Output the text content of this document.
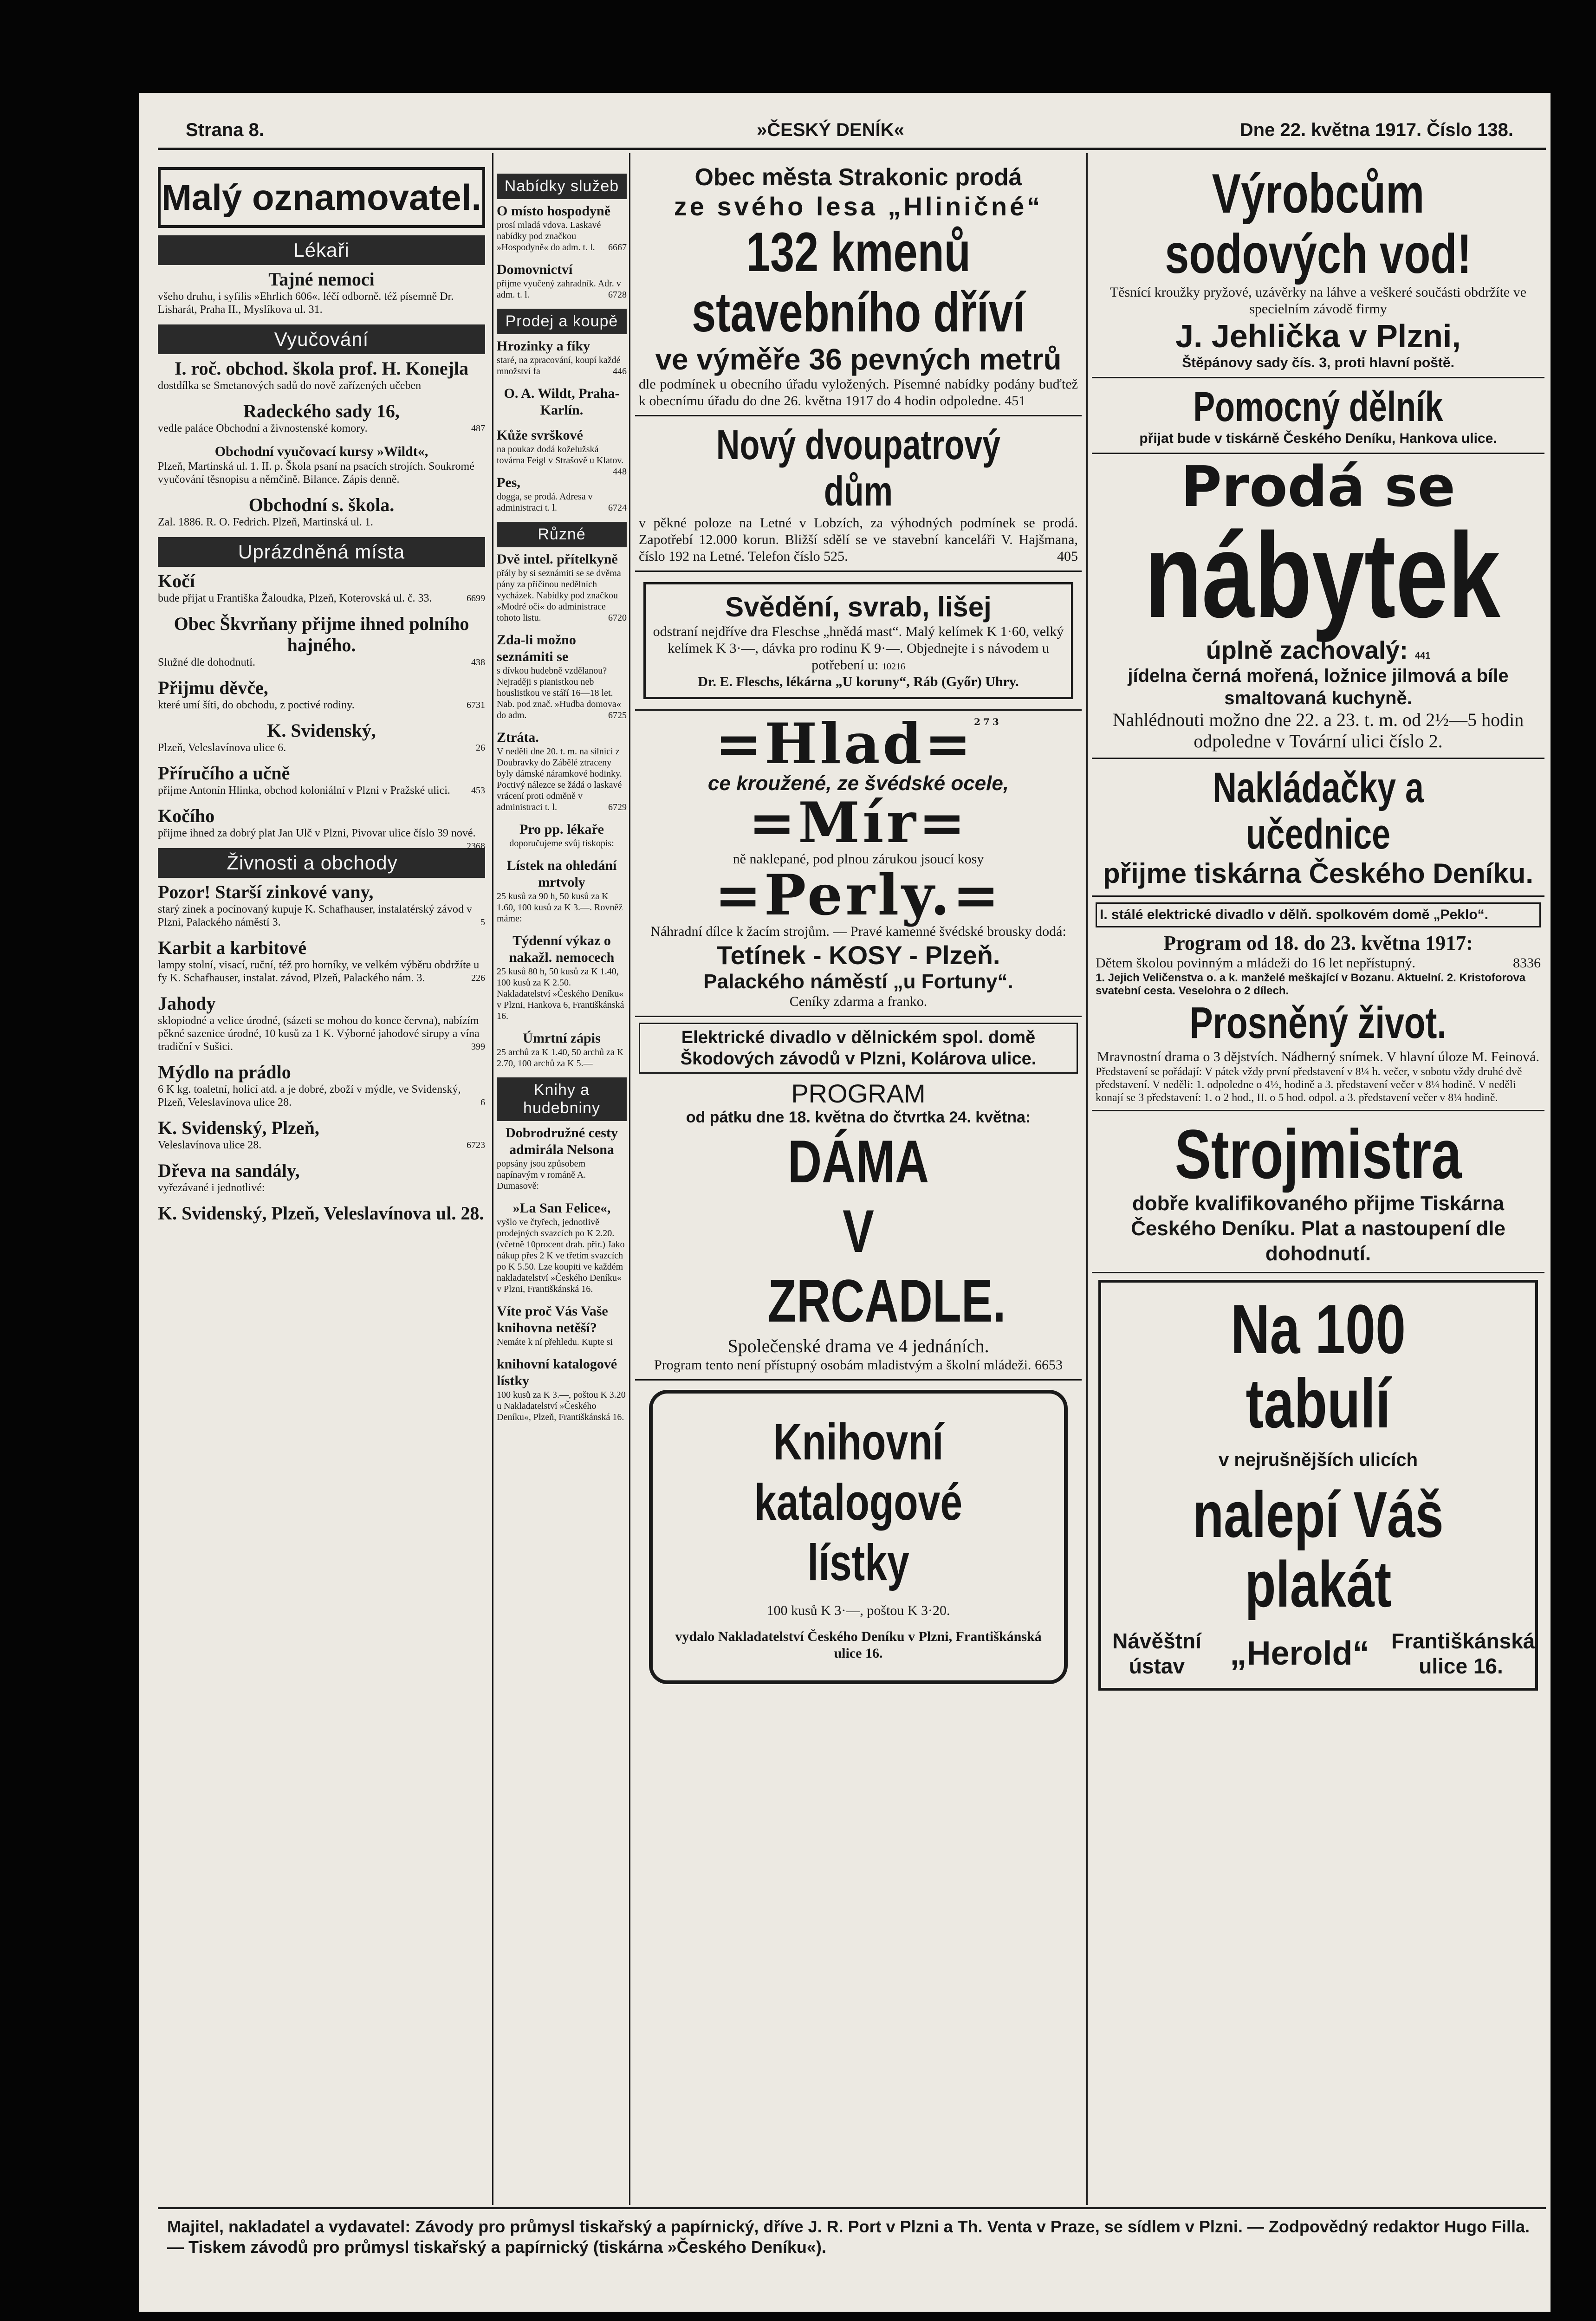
Strana 8.	»ČESKÝ DENÍK«	Dne 22. května 1917. Číslo 138.
Malý oznamovatel.
Lékaři
Tajné nemoci
všeho druhu, i syfilis »Ehrlich 606«. léčí odborně. též písemně Dr. Lisharát, Praha II., Myslíkova ul. 31.
Vyučování
I. roč. obchod. škola prof. H. Konejla
dostdílka se Smetanových sadů do nově zařízených učeben
Radeckého sady 16,
vedle paláce Obchodní a živnostenské komory.	487
Obchodní vyučovací kursy »Wildt«,
Plzeň, Martinská ul. 1. II. p. Škola psaní na psacích strojích. Soukromé vyučování těsnopisu a němčině. Bilance. Zápis denně.
Obchodní s. škola.
Zal. 1886. R. O. Fedrich. Plzeň, Martinská ul. 1.
Uprázdněná místa
Kočí
bude přijat u Františka Žaloudka, Plzeň, Koterovská ul. č. 33.	6699
Obec Škvrňany přijme ihned polního hajného.
Služné dle dohodnutí.	438
Přijmu děvče,
které umí šíti, do obchodu, z poctivé rodiny.	6731
K. Svidenský,
Plzeň, Veleslavínova ulice 6.	26
Příručího a učně
přijme Antonín Hlinka, obchod koloniální v Plzni v Pražské ulici. 453
Kočího
přijme ihned za dobrý plat Jan Ulč v Plzni, Pivovar ulice číslo 39 nové.
2368
Živnosti a obchody
Pozor! Starší zinkové vany,
starý zinek a pocínovaný kupuje K. Schafhauser, instalatérský závod v Plzni, Palackého náměstí 3.	5
Karbit a karbitové
lampy stolní, visací, ruční, též pro horníky, ve velkém výběru obdržíte u fy K. Schafhauser, instalat. závod, Plzeň, Palackého nám. 3.	226
Jahody
sklopiodné a velice úrodné, (sázeti se mohou do konce června), nabízím pěkné sazenice úrodné, 10 kusů za 1 K. Výborné jahodové sirupy a vína tradiční v Sušici.	399
Mýdlo na prádlo
6 K kg. toaletní, holicí atd. a je dobré, zboží v mýdle, ve Svidenský, Plzeň, Veleslavínova ulice 28.	6
K. Svidenský, Plzeň,
Veleslavínova ulice 28.	6723
Dřeva na sandály,
vyřezávané i jednotlivé:
K. Svidenský, Plzeň, Veleslavínova ul. 28.
Nabídky služeb
O místo hospodyně
prosí mladá vdova. Laskavé nabídky pod značkou »Hospodyně« do adm. t. l. 6667
Domovnictví
přijme vyučený zahradník. Adr. v adm. t. l.	6728
Prodej a koupě
Hrozinky a fíky
staré, na zpracování, koupí každé množství fa	446
O. A. Wildt, Praha-Karlín.
Kůže svrškové
na poukaz dodá koželužská továrna Feigl v Strašově u Klatov.
448
Pes,
dogga, se prodá. Adresa v administraci t. l.	6724
Různé
Dvě intel. přítelkyně
přály by si seznámiti se se dvěma pány za příčinou nedělních vycházek. Nabídky pod značkou »Modré oči« do administrace tohoto listu.	6720
Zda-li možno seznámiti se
s dívkou hudebně vzdělanou? Nejraději s pianistkou neb houslistkou ve stáří 16—18 let. Nab. pod znač. »Hudba domova« do adm.	6725
Ztráta.
V neděli dne 20. t. m. na silnici z Doubravky do Zábělé ztraceny byly dámské náramkové hodinky. Poctivý nálezce se žádá o laskavé vrácení proti odměně v administraci t. l.	6729
Pro pp. lékaře
doporučujeme svůj tiskopis:
Lístek na ohledání mrtvoly
25 kusů za 90 h, 50 kusů za K 1.60, 100 kusů za K 3.—. Rovněž máme:
Týdenní výkaz o nakažl. nemocech
25 kusů 80 h, 50 kusů za K 1.40, 100 kusů za K 2.50. Nakladatelství »Českého Deníku« v Plzni, Hankova 6, Františkánská 16.
Úmrtní zápis
25 archů za K 1.40, 50 archů za K 2.70, 100 archů za K 5.—
Knihy a hudebniny
Dobrodružné cesty admirála Nelsona
popsány jsou způsobem napínavým v románě A. Dumasově:
»La San Felice«,
vyšlo ve čtyřech, jednotlivě prodejných svazcích po K 2.20. (včetně 10procent drah. přir.) Jako nákup přes 2 K ve třetím svazcích po K 5.50. Lze koupiti ve každém nakladatelství »Českého Deníku« v Plzni, Františkánská 16.
Víte proč Vás Vaše knihovna netěší?
Nemáte k ní přehledu. Kupte si
knihovní katalogové lístky
100 kusů za K 3.—, poštou K 3.20 u Nakladatelství »Českého Deníku«, Plzeň, Františkánská 16.
Obec města Strakonic prodá
ze svého lesa „Hliničné“
132 kmenů stavebního dříví
ve výměře 36 pevných metrů
dle podmínek u obecního úřadu vyložených. Písemné nabídky podány buďtež k obecnímu úřadu do dne 26. května 1917 do 4 hodin odpoledne. 451
Nový dvoupatrový dům
v pěkné poloze na Letné v Lobzích, za výhodných podmínek se prodá. Zapotřebí 12.000 korun. Bližší sdělí se ve stavební kanceláři V. Hajšmana, číslo 192 na Letné. Telefon číslo 525.	405
Svědění, svrab, lišej
odstraní nejdříve dra Fleschse „hnědá mast“. Malý kelímek K 1·60, velký kelímek K 3·—, dávka pro rodinu K 9·—. Objednejte i s návodem u potřebení u: 10216
Dr. E. Fleschs, lékárna „U koruny“, Ráb (Győr) Uhry.
=Hlad=$^{273}$
ce kroužené, ze švédské ocele,
=Mír=
ně naklepané, pod plnou zárukou jsoucí kosy
=Perly.=
Náhradní dílce k žacím strojům. — Pravé kamenné švédské brousky dodá:
Tetínek - KOSY - Plzeň.
Palackého náměstí „u Fortuny“.
Ceníky zdarma a franko.
Elektrické divadlo v dělnickém spol. domě Škodových závodů v Plzni, Kolárova ulice.
PROGRAM
od pátku dne 18. května do čtvrtka 24. května:
DÁMA V ZRCADLE.
Společenské drama ve 4 jednáních.
Program tento není přístupný osobám mladistvým a školní mládeži. 6653
Knihovní katalogové lístky
100 kusů K 3·—, poštou K 3·20.
vydalo Nakladatelství Českého Deníku v Plzni, Františkánská ulice 16.
Výrobcům sodových vod!
Těsnící kroužky pryžové, uzávěrky na láhve a veškeré součásti obdržíte ve specielním závodě firmy
J. Jehlička v Plzni,
Štěpánovy sady čís. 3, proti hlavní poště.
Pomocný dělník
přijat bude v tiskárně Českého Deníku, Hankova ulice.
Prodá se
nábytek
úplně zachovalý: 441
jídelna černá mořená, ložnice jilmová a bíle smaltovaná kuchyně.
Nahlédnouti možno dne 22. a 23. t. m. od 2½—5 hodin odpoledne v Tovární ulici číslo 2.
Nakládačky a učednice
přijme tiskárna Českého Deníku.
I. stálé elektrické divadlo v dělň. spolkovém domě „Peklo“.
Program od 18. do 23. května 1917:
Dětem školou povinným a mládeži do 16 let nepřístupný.	8336
1. Jejich Veličenstva o. a k. manželé meškající v Bozanu. Aktuelní. 2. Kristoforova svatební cesta. Veselohra o 2 dílech.
Prosněný život.
Mravnostní drama o 3 dějstvích. Nádherný snímek. V hlavní úloze M. Feinová.
Představení se pořádají: V pátek vždy první představení v 8¼ h. večer, v sobotu vždy druhé dvě představení. V neděli: 1. odpoledne o 4½, hodině a 3. představení večer v 8¼ hodině. V neděli konají se 3 představení: 1. o 2 hod., II. o 5 hod. odpol. a 3. představení večer v 8¼ hodině.
Strojmistra
dobře kvalifikovaného přijme Tiskárna Českého Deníku. Plat a nastoupení dle dohodnutí.
Na 100 tabulí
v nejrušnějších ulicích
nalepí Váš plakát
Návěštní ústav	„Herold“ Františkánská ulice 16.
Majitel, nakladatel a vydavatel: Závody pro průmysl tiskařský a papírnický, dříve J. R. Port v Plzni a Th. Venta v Praze, se sídlem v Plzni. — Zodpovědný redaktor Hugo Filla. — Tiskem závodů pro průmysl tiskařský a papírnický (tiskárna »Českého Deníku«).
